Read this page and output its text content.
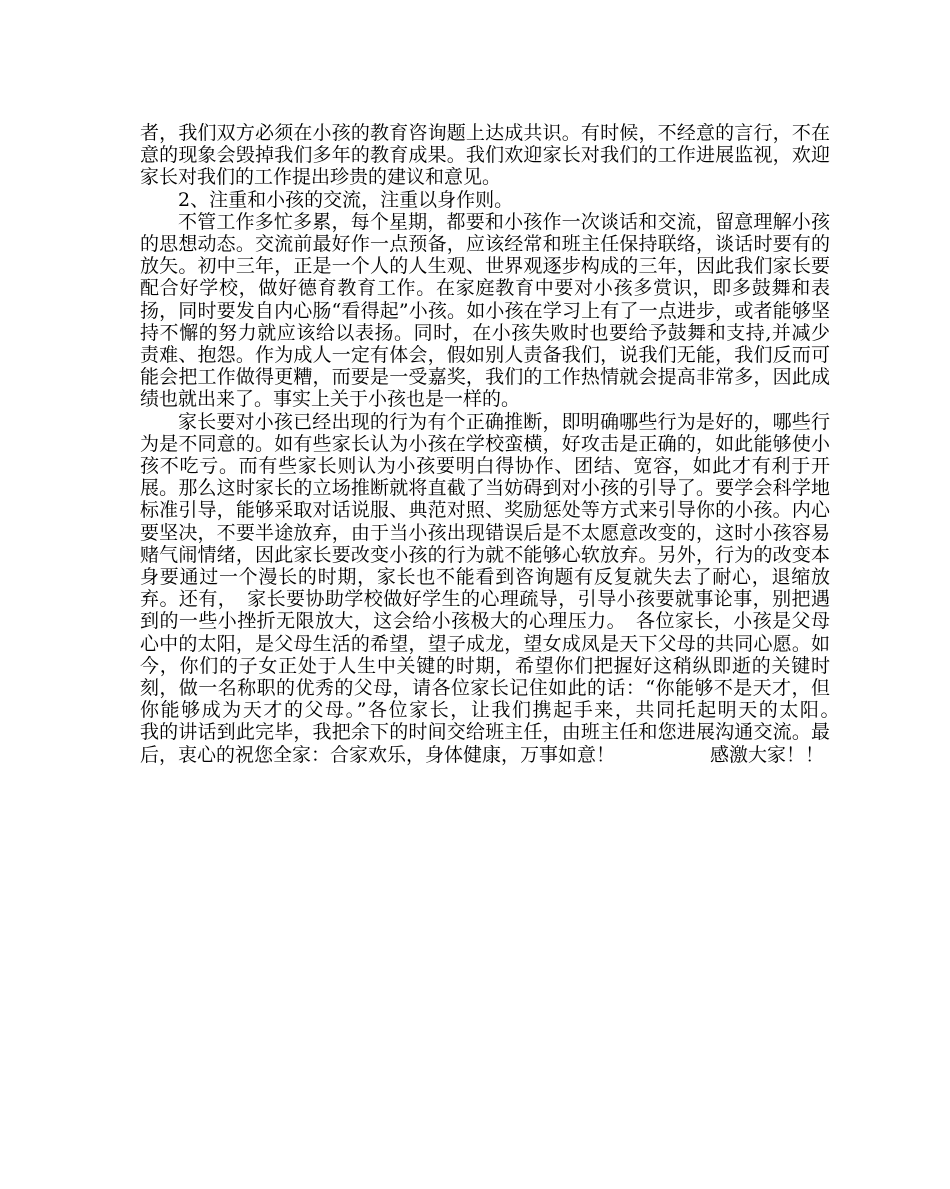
者，我们双方必须在小孩的教育咨询题上达成共识。有时候，不经意的言行，不在意的现象会毁掉我们多年的教育成果。我们欢迎家长对我们的工作进展监视，欢迎家长对我们的工作提出珍贵的建议和意见。

2、注重和小孩的交流，注重以身作则。

不管工作多忙多累，每个星期，都要和小孩作一次谈话和交流，留意理解小孩的思想动态。交流前最好作一点预备，应该经常和班主任保持联络，谈话时要有的放矢。初中三年，正是一个人的人生观、世界观逐步构成的三年，因此我们家长要配合好学校，做好德育教育工作。在家庭教育中要对小孩多赏识，即多鼓舞和表扬，同时要发自内心肠“看得起”小孩。如小孩在学习上有了一点进步，或者能够坚持不懈的努力就应该给以表扬。同时，在小孩失败时也要给予鼓舞和支持,并减少责难、抱怨。作为成人一定有体会，假如别人责备我们，说我们无能，我们反而可能会把工作做得更糟，而要是一受嘉奖，我们的工作热情就会提高非常多，因此成绩也就出来了。事实上关于小孩也是一样的。

家长要对小孩已经出现的行为有个正确推断，即明确哪些行为是好的，哪些行为是不同意的。如有些家长认为小孩在学校蛮横，好攻击是正确的，如此能够使小孩不吃亏。而有些家长则认为小孩要明白得协作、团结、宽容，如此才有利于开展。那么这时家长的立场推断就将直截了当妨碍到对小孩的引导了。要学会科学地标准引导，能够采取对话说服、典范对照、奖励惩处等方式来引导你的小孩。内心要坚决，不要半途放弃，由于当小孩出现错误后是不太愿意改变的，这时小孩容易赌气闹情绪，因此家长要改变小孩的行为就不能够心软放弃。另外，行为的改变本身要通过一个漫长的时期，家长也不能看到咨询题有反复就失去了耐心，退缩放弃。还有，　家长要协助学校做好学生的心理疏导，引导小孩要就事论事，别把遇到的一些小挫折无限放大，这会给小孩极大的心理压力。　各位家长，小孩是父母心中的太阳，是父母生活的希望，望子成龙，望女成凤是天下父母的共同心愿。如今，你们的子女正处于人生中关键的时期，希望你们把握好这稍纵即逝的关键时刻，做一名称职的优秀的父母，请各位家长记住如此的话：“你能够不是天才，但你能够成为天才的父母。”各位家长，让我们携起手来，共同托起明天的太阳。　　　我的讲话到此完毕，我把余下的时间交给班主任，由班主任和您进展沟通交流。最后，衷心的祝您全家：合家欢乐，身体健康，万事如意！　　　　　感激大家！！
